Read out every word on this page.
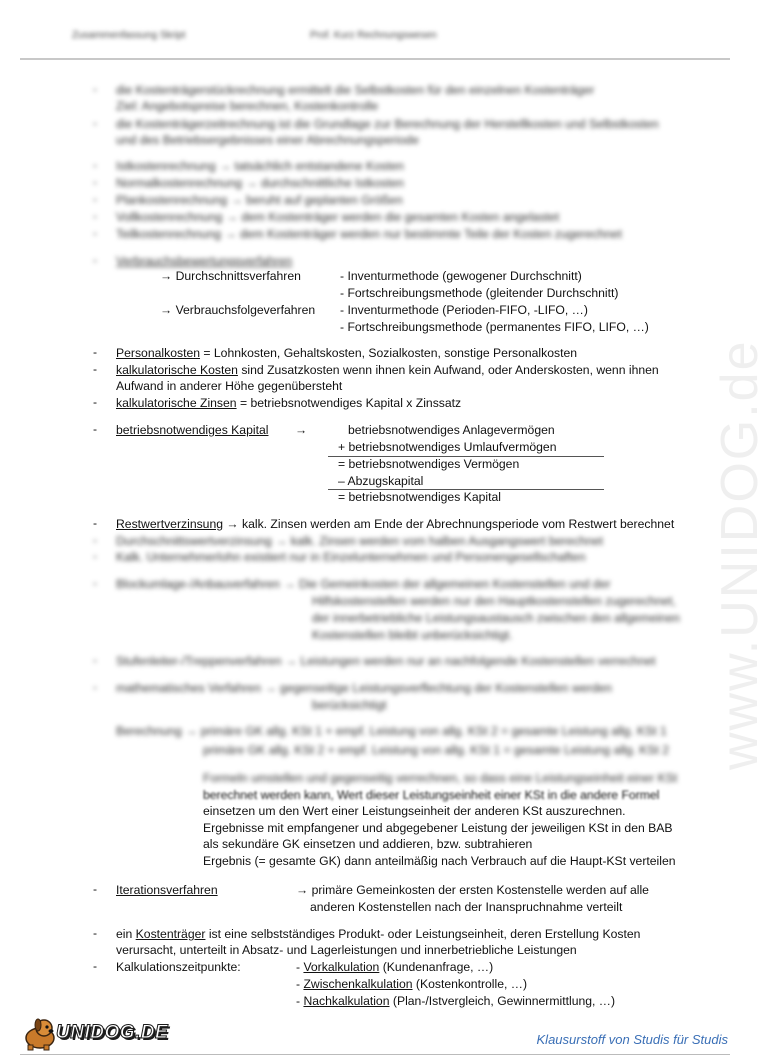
Zusammenfassung Skript	Prof. Kurz Rechnungswesen
www.UNIDOG.de
- die Kostenträgerstückrechnung ermittelt die Selbstkosten für den einzelnen Kostenträger
Ziel: Angebotspreise berechnen, Kostenkontrolle
- die Kostenträgerzeitrechnung ist die Grundlage zur Berechnung der Herstellkosten und Selbstkosten
und des Betriebsergebnisses einer Abrechnungsperiode
- Istkostenrechnung → tatsächlich entstandene Kosten
- Normalkostenrechnung → durchschnittliche Istkosten
- Plankostenrechnung → beruht auf geplanten Größen
- Vollkostenrechnung → dem Kostenträger werden die gesamten Kosten angelastet
- Teilkostenrechnung → dem Kostenträger werden nur bestimmte Teile der Kosten zugerechnet
- Verbrauchsbewertungsverfahren
→ Durchschnittsverfahren	- Inventurmethode (gewogener Durchschnitt)
- Fortschreibungsmethode (gleitender Durchschnitt)
→ Verbrauchsfolgeverfahren - Inventurmethode (Perioden-FIFO, -LIFO, …)
- Fortschreibungsmethode (permanentes FIFO, LIFO, …)
- Personalkosten = Lohnkosten, Gehaltskosten, Sozialkosten, sonstige Personalkosten
- kalkulatorische Kosten sind Zusatzkosten wenn ihnen kein Aufwand, oder Anderskosten, wenn ihnen
Aufwand in anderer Höhe gegenübersteht
- kalkulatorische Zinsen = betriebsnotwendiges Kapital x Zinssatz
- betriebsnotwendiges Kapital →	betriebsnotwendiges Anlagevermögen
+ betriebsnotwendiges Umlaufvermögen
= betriebsnotwendiges Vermögen
– Abzugskapital
= betriebsnotwendiges Kapital
- Restwertverzinsung → kalk. Zinsen werden am Ende der Abrechnungsperiode vom Restwert berechnet
- Durchschnittswertverzinsung → kalk. Zinsen werden vom halben Ausgangswert berechnet
- Kalk. Unternehmerlohn existiert nur in Einzelunternehmen und Personengesellschaften
- Blockumlage-/Anbauverfahren → Die Gemeinkosten der allgemeinen Kostenstellen und der
Hilfskostenstellen werden nur den Hauptkostenstellen zugerechnet,
der innerbetriebliche Leistungsaustausch zwischen den allgemeinen
Kostenstellen bleibt unberücksichtigt.
- Stufenleiter-/Treppenverfahren → Leistungen werden nur an nachfolgende Kostenstellen verrechnet
- mathematisches Verfahren → gegenseitige Leistungsverflechtung der Kostenstellen werden
berücksichtigt
Berechnung → primäre GK allg. KSt 1 + empf. Leistung von allg. KSt 2 = gesamte Leistung allg. KSt 1
primäre GK allg. KSt 2 + empf. Leistung von allg. KSt 1 = gesamte Leistung allg. KSt 2
Formeln umstellen und gegenseitig verrechnen, so dass eine Leistungseinheit einer KSt
berechnet werden kann, Wert dieser Leistungseinheit einer KSt in die andere Formel
einsetzen um den Wert einer Leistungseinheit der anderen KSt auszurechnen.
Ergebnisse mit empfangener und abgegebener Leistung der jeweiligen KSt in den BAB
als sekundäre GK einsetzen und addieren, bzw. subtrahieren
Ergebnis (= gesamte GK) dann anteilmäßig nach Verbrauch auf die Haupt-KSt verteilen
- Iterationsverfahren	→ primäre Gemeinkosten der ersten Kostenstelle werden auf alle
anderen Kostenstellen nach der Inanspruchnahme verteilt
- ein Kostenträger ist eine selbstständiges Produkt- oder Leistungseinheit, deren Erstellung Kosten
verursacht, unterteilt in Absatz- und Lagerleistungen und innerbetriebliche Leistungen
- Kalkulationszeitpunkte:	- Vorkalkulation (Kundenanfrage, …)
- Zwischenkalkulation (Kostenkontrolle, …)
- Nachkalkulation (Plan-/Istvergleich, Gewinnermittlung, …)
UNIDOG.DE	Klausurstoff von Studis für Studis
